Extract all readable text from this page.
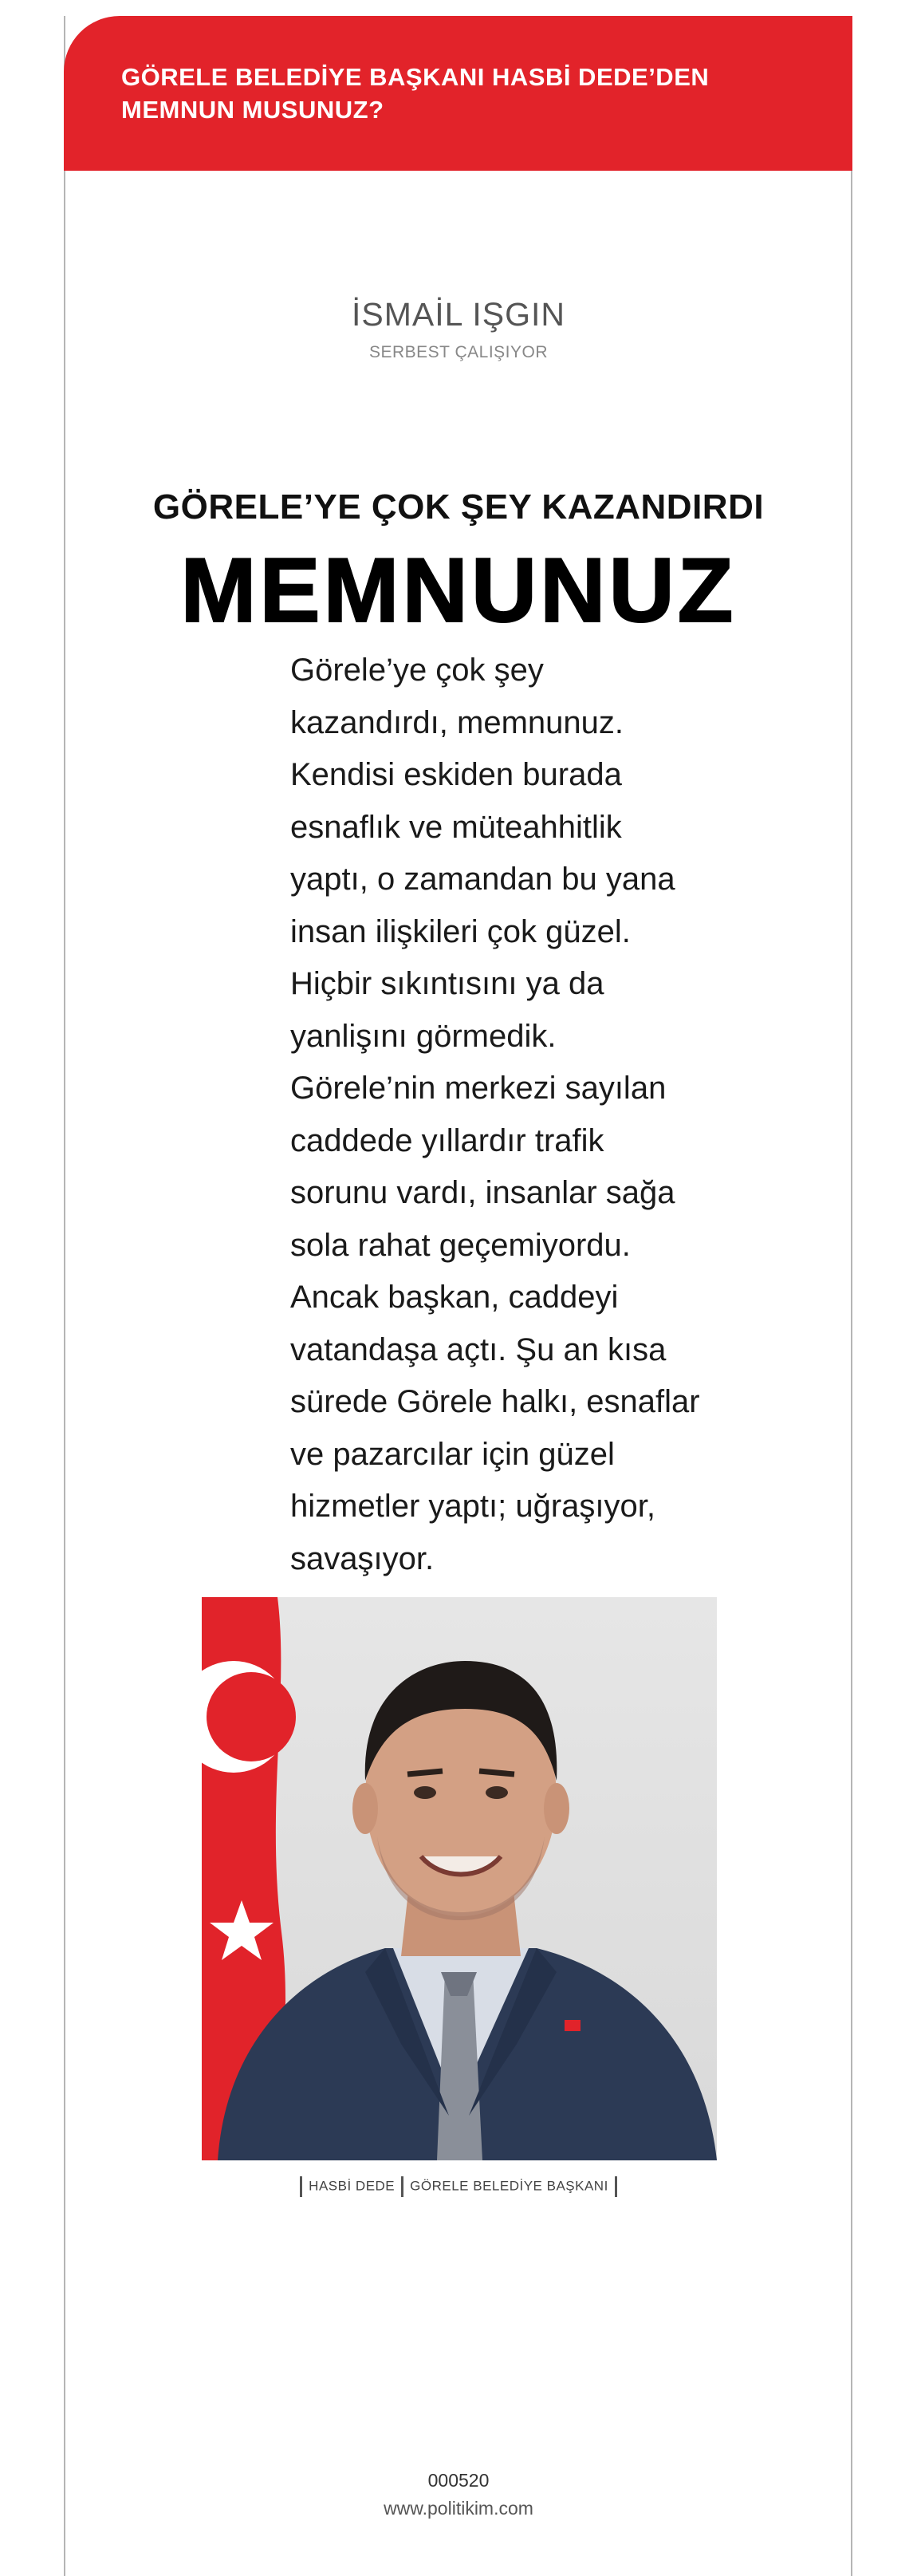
GÖRELE BELEDİYE BAŞKANI HASBİ DEDE’DEN MEMNUN MUSUNUZ?
İSMAİL IŞGIN
SERBEST ÇALIŞIYOR
GÖRELE’YE ÇOK ŞEY KAZANDIRDI
MEMNUNUZ

Görele’ye çok şey kazandırdı, memnunuz. Kendisi eskiden burada esnaflık ve müteahhitlik yaptı, o zamandan bu yana insan ilişkileri çok güzel. Hiçbir sıkıntısını ya da yanlişını görmedik. Görele’nin merkezi sayılan caddede yıllardır trafik sorunu vardı, insanlar sağa sola rahat geçemiyordu. Ancak başkan, caddeyi vatandaşa açtı. Şu an kısa sürede Görele halkı, esnaflar ve pazarcılar için güzel hizmetler yaptı; uğraşıyor, savaşıyor.

HASBİ DEDE GÖRELE BELEDİYE BAŞKANI
000520
www.politikim.com
